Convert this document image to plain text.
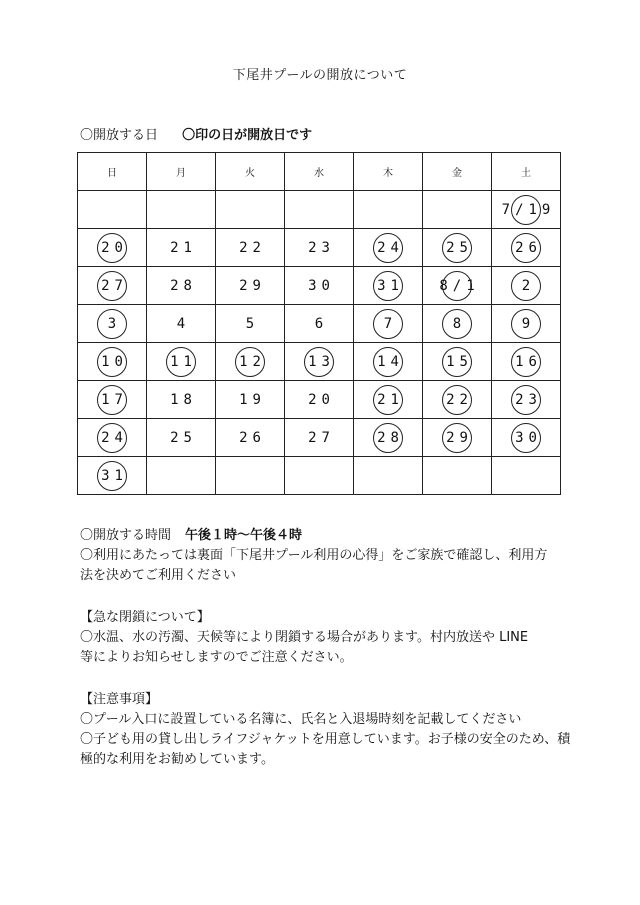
下尾井プールの開放について
〇開放する日 〇印の日が開放日です
日	月	火	水	木	金	土
						7/19

20	21	22	23	24	25	26

27	28	29	30	31	8/1	2

3	4	5	6	7	8	9

10	11	12	13	14	15	16

17	18	19	20	21	22	23

24	25	26	27	28	29	30

31

〇開放する時間 午後１時～午後４時
〇利用にあたっては裏面「下尾井プール利用の心得」をご家族で確認し、利用方
法を決めてご利用ください
【急な閉鎖について】
〇水温、水の汚濁、天候等により閉鎖する場合があります。村内放送や LINE
等によりお知らせしますのでご注意ください。
【注意事項】
〇プール入口に設置している名簿に、氏名と入退場時刻を記載してください
〇子ども用の貸し出しライフジャケットを用意しています。お子様の安全のため、積
極的な利用をお勧めしています。
